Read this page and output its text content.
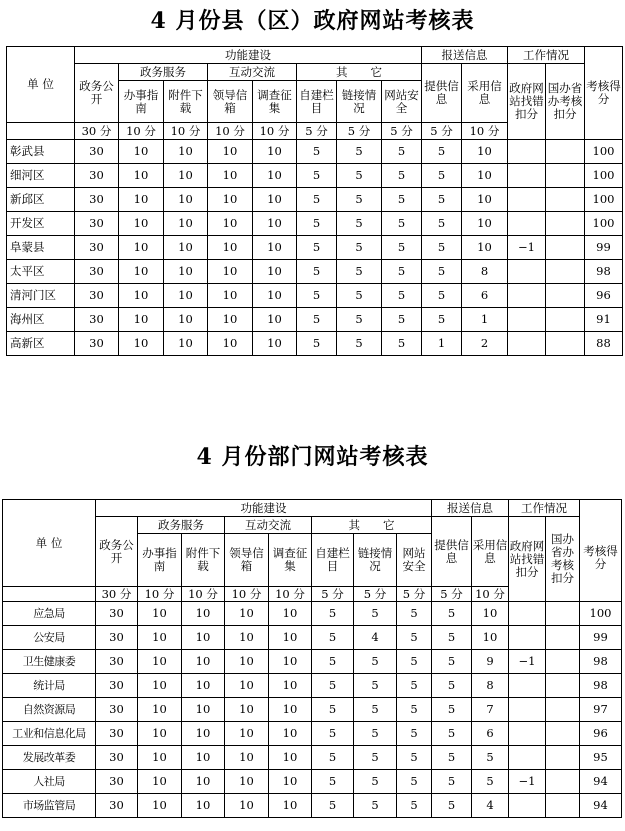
4 月份县（区）政府网站考核表
单 位	功能建设								报送信息		工作情况		考核得分

	政务公开	政务服务		互动交流		其　　它			提供信息	采用信息	政府网站找错扣分	国办省办考核扣分	
		办事指南	附件下载	领导信箱	调查征集	自建栏目	链接情况	网站安全					
	30 分	10 分	10 分	10 分	10 分	5 分	5 分	5 分	5 分	10 分			
彰武县	30	10	10	10	10	5	5	5	5	10			100
细河区	30	10	10	10	10	5	5	5	5	10			100
新邱区	30	10	10	10	10	5	5	5	5	10			100
开发区	30	10	10	10	10	5	5	5	5	10			100
阜蒙县	30	10	10	10	10	5	5	5	5	10	−1		99
太平区	30	10	10	10	10	5	5	5	5	8			98
清河门区	30	10	10	10	10	5	5	5	5	6			96
海州区	30	10	10	10	10	5	5	5	5	1			91
高新区	30	10	10	10	10	5	5	5	1	2			88
4 月份部门网站考核表
单 位	功能建设								报送信息		工作情况		考核得分

	政务公开	政务服务		互动交流		其　　它			提供信息	采用信息	政府网站找错扣分	国办省办考核扣分	
		办事指南	附件下载	领导信箱	调查征集	自建栏目	链接情况	网站安全					
	30 分	10 分	10 分	10 分	10 分	5 分	5 分	5 分	5 分	10 分			
应急局	30	10	10	10	10	5	5	5	5	10			100
公安局	30	10	10	10	10	5	4	5	5	10			99
卫生健康委	30	10	10	10	10	5	5	5	5	9	−1		98
统计局	30	10	10	10	10	5	5	5	5	8			98
自然资源局	30	10	10	10	10	5	5	5	5	7			97
工业和信息化局	30	10	10	10	10	5	5	5	5	6			96
发展改革委	30	10	10	10	10	5	5	5	5	5			95
人社局	30	10	10	10	10	5	5	5	5	5	−1		94
市场监管局	30	10	10	10	10	5	5	5	5	4			94
